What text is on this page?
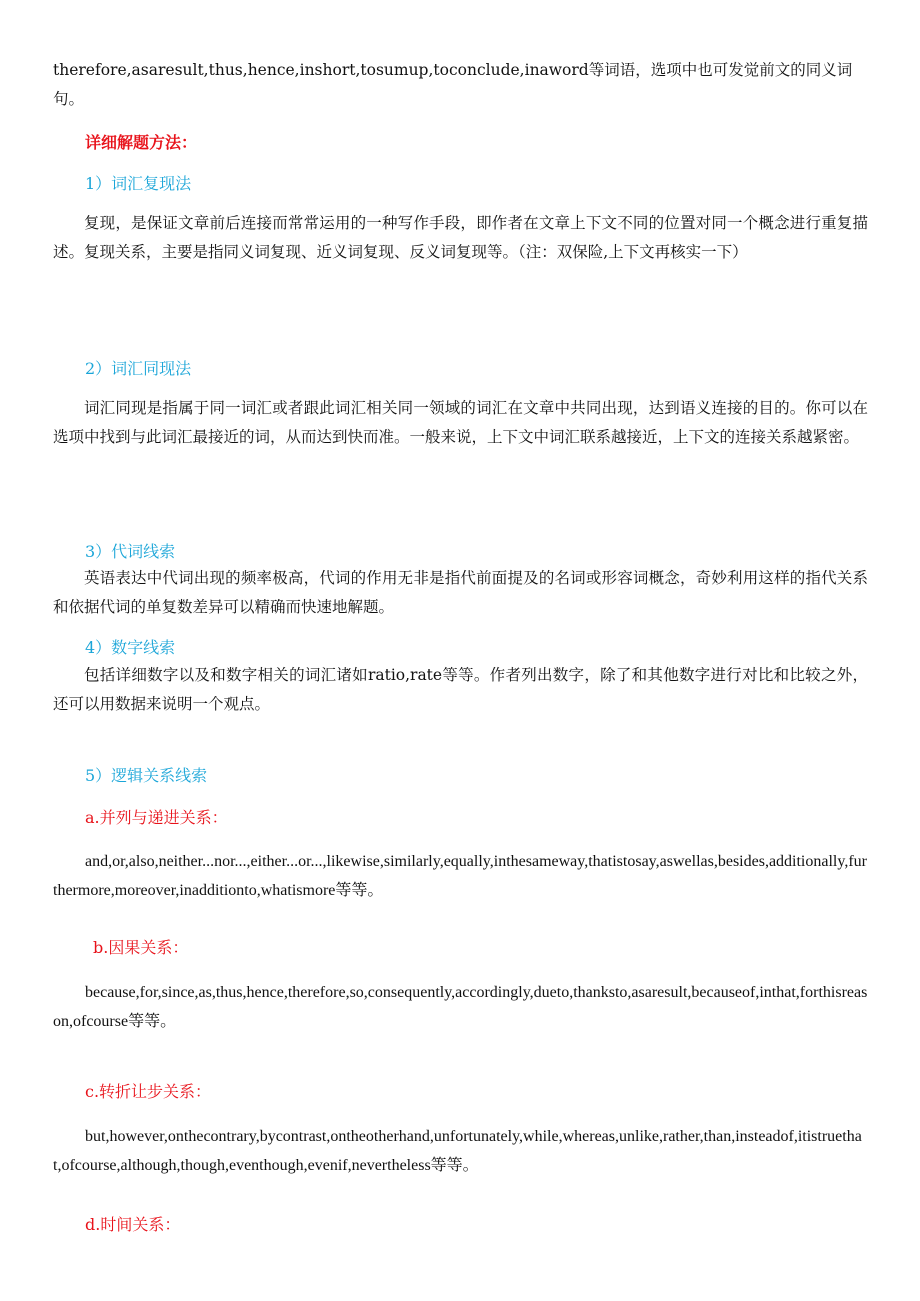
therefore,asaresult,thus,hence,inshort,tosumup,toconclude,inaword等词语，选项中也可发觉前文的同义词句。

详细解题方法：

1）词汇复现法

复现，是保证文章前后连接而常常运用的一种写作手段，即作者在文章上下文不同的位置对同一个概念进行重复描述。复现关系，主要是指同义词复现、近义词复现、反义词复现等。（注：双保险,上下文再核实一下）

2）词汇同现法

词汇同现是指属于同一词汇或者跟此词汇相关同一领域的词汇在文章中共同出现，达到语义连接的目的。你可以在选项中找到与此词汇最接近的词，从而达到快而准。一般来说，上下文中词汇联系越接近，上下文的连接关系越紧密。

3）代词线索

英语表达中代词出现的频率极高，代词的作用无非是指代前面提及的名词或形容词概念，奇妙利用这样的指代关系和依据代词的单复数差异可以精确而快速地解题。

4）数字线索

包括详细数字以及和数字相关的词汇诸如ratio,rate等等。作者列出数字，除了和其他数字进行对比和比较之外，还可以用数据来说明一个观点。

5）逻辑关系线索

a.并列与递进关系：

and,or,also,neither...nor...,either...or...,likewise,similarly,equally,inthesameway,thatistosay,aswellas,besides,additionally,furthermore,moreover,inadditionto,whatismore等等。

b.因果关系：

because,for,since,as,thus,hence,therefore,so,consequently,accordingly,dueto,thanksto,asaresult,becauseof,inthat,forthisreason,ofcourse等等。

c.转折让步关系：

but,however,onthecontrary,bycontrast,ontheotherhand,unfortunately,while,whereas,unlike,rather,than,insteadof,itistruethat,ofcourse,although,though,eventhough,evenif,nevertheless等等。

d.时间关系：
